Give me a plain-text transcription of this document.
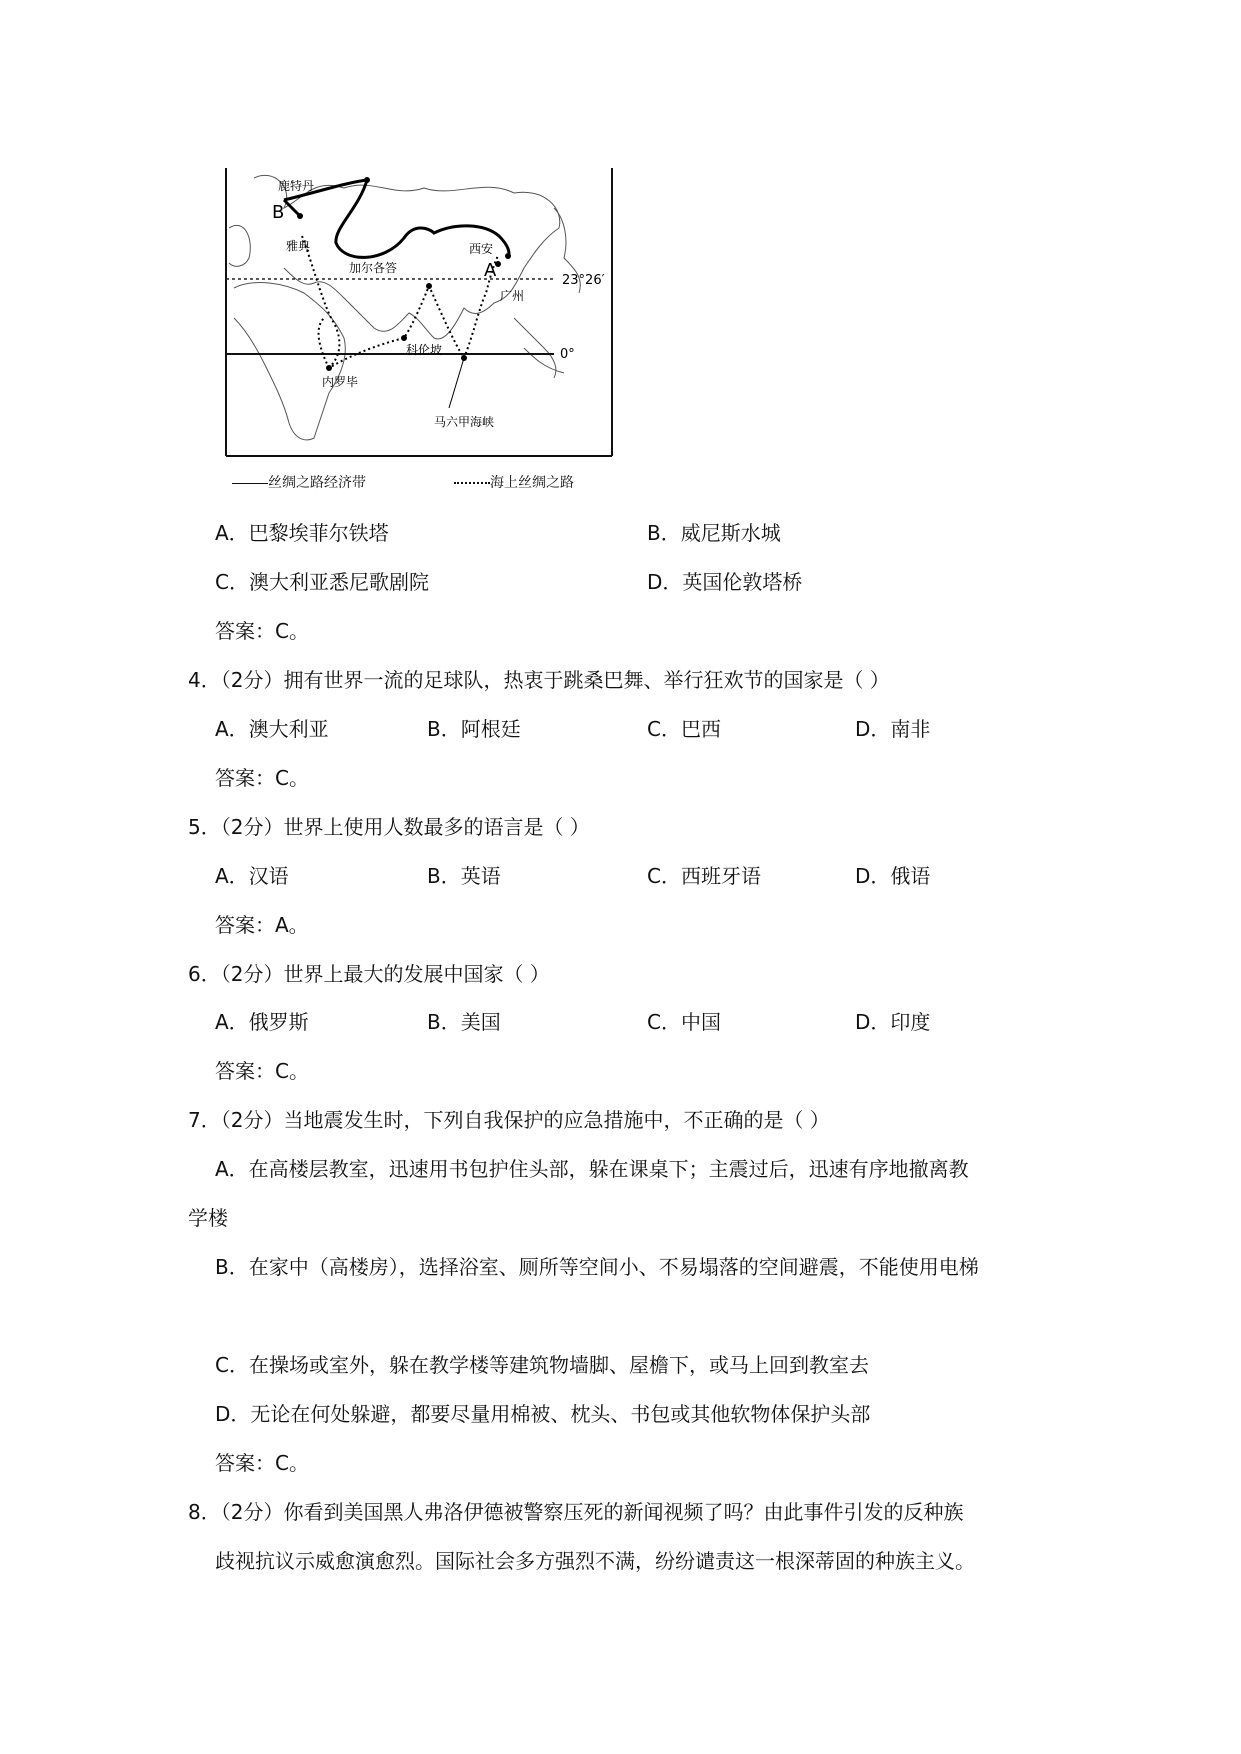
鹿特丹
B
雅典
加尔各答
西安
A
广州
23°26′
科伦坡
内罗毕
0°
马六甲海峡
丝绸之路经济带	海上丝绸之路
A．巴黎埃菲尔铁塔	B．威尼斯水城
C．澳大利亚悉尼歌剧院	D．英国伦敦塔桥
答案：C。
4．（2分）拥有世界一流的足球队，热衷于跳桑巴舞、举行狂欢节的国家是（ ）
A．澳大利亚	B．阿根廷	C．巴西	D．南非
答案：C。
5．（2分）世界上使用人数最多的语言是（ ）
A．汉语	B．英语	C．西班牙语	D．俄语
答案：A。
6．（2分）世界上最大的发展中国家（ ）
A．俄罗斯	B．美国	C．中国	D．印度
答案：C。
7．（2分）当地震发生时，下列自我保护的应急措施中，不正确的是（ ）
A．在高楼层教室，迅速用书包护住头部，躲在课桌下；主震过后，迅速有序地撤离教
学楼
B．在家中（高楼房），选择浴室、厕所等空间小、不易塌落的空间避震，不能使用电梯
C．在操场或室外，躲在教学楼等建筑物墙脚、屋檐下，或马上回到教室去
D．无论在何处躲避，都要尽量用棉被、枕头、书包或其他软物体保护头部
答案：C。
8．（2分）你看到美国黑人弗洛伊德被警察压死的新闻视频了吗？由此事件引发的反种族
歧视抗议示威愈演愈烈。国际社会多方强烈不满，纷纷谴责这一根深蒂固的种族主义。
